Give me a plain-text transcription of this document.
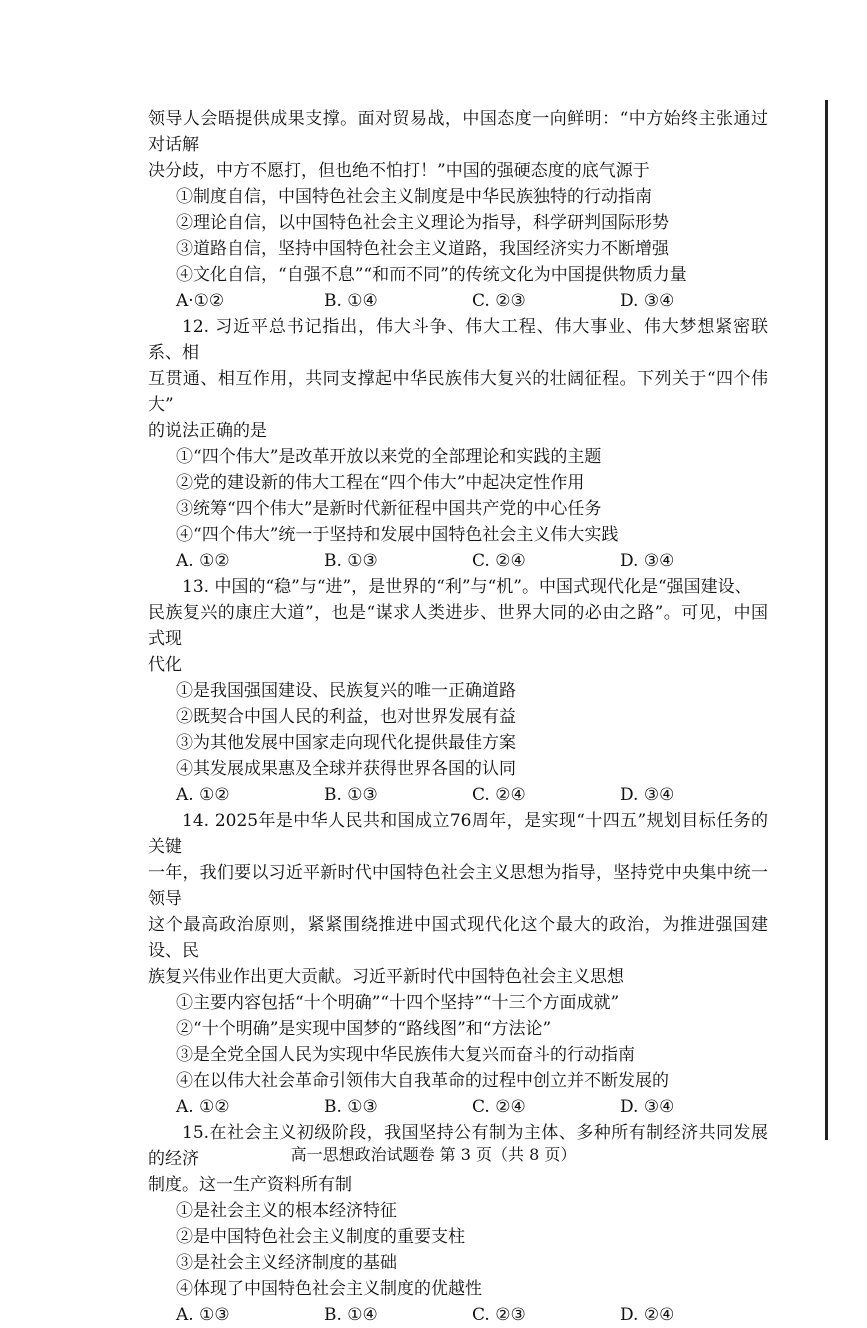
领导人会晤提供成果支撑。面对贸易战，中国态度一向鲜明：“中方始终主张通过对话解

决分歧，中方不愿打，但也绝不怕打！”中国的强硬态度的底气源于

①制度自信，中国特色社会主义制度是中华民族独特的行动指南
②理论自信，以中国特色社会主义理论为指导，科学研判国际形势
③道路自信，坚持中国特色社会主义道路，我国经济实力不断增强
④文化自信，“自强不息”“和而不同”的传统文化为中国提供物质力量
A·①②	B. ①④	C. ②③	D. ③④

12. 习近平总书记指出，伟大斗争、伟大工程、伟大事业、伟大梦想紧密联系、相

互贯通、相互作用，共同支撑起中华民族伟大复兴的壮阔征程。下列关于“四个伟大”

的说法正确的是

①“四个伟大”是改革开放以来党的全部理论和实践的主题
②党的建设新的伟大工程在“四个伟大”中起决定性作用
③统筹“四个伟大”是新时代新征程中国共产党的中心任务
④“四个伟大”统一于坚持和发展中国特色社会主义伟大实践
A. ①②	B. ①③	C. ②④	D. ③④

13. 中国的“稳”与“进”，是世界的“利”与“机”。中国式现代化是“强国建设、

民族复兴的康庄大道”，也是“谋求人类进步、世界大同的必由之路”。可见，中国式现

代化

①是我国强国建设、民族复兴的唯一正确道路
②既契合中国人民的利益，也对世界发展有益
③为其他发展中国家走向现代化提供最佳方案
④其发展成果惠及全球并获得世界各国的认同
A. ①②	B. ①③	C. ②④	D. ③④

14. 2025年是中华人民共和国成立76周年，是实现“十四五”规划目标任务的关键

一年，我们要以习近平新时代中国特色社会主义思想为指导，坚持党中央集中统一领导

这个最高政治原则，紧紧围绕推进中国式现代化这个最大的政治，为推进强国建设、民

族复兴伟业作出更大贡献。习近平新时代中国特色社会主义思想

①主要内容包括“十个明确”“十四个坚持”“十三个方面成就”
②“十个明确”是实现中国梦的“路线图”和“方法论”
③是全党全国人民为实现中华民族伟大复兴而奋斗的行动指南
④在以伟大社会革命引领伟大自我革命的过程中创立并不断发展的
A. ①②	B. ①③	C. ②④	D. ③④

15.在社会主义初级阶段，我国坚持公有制为主体、多种所有制经济共同发展的经济

制度。这一生产资料所有制

①是社会主义的根本经济特征
②是中国特色社会主义制度的重要支柱
③是社会主义经济制度的基础
④体现了中国特色社会主义制度的优越性
A. ①③	B. ①④	C. ②③	D. ②④
高一思想政治试题卷 第 3 页（共 8 页）
